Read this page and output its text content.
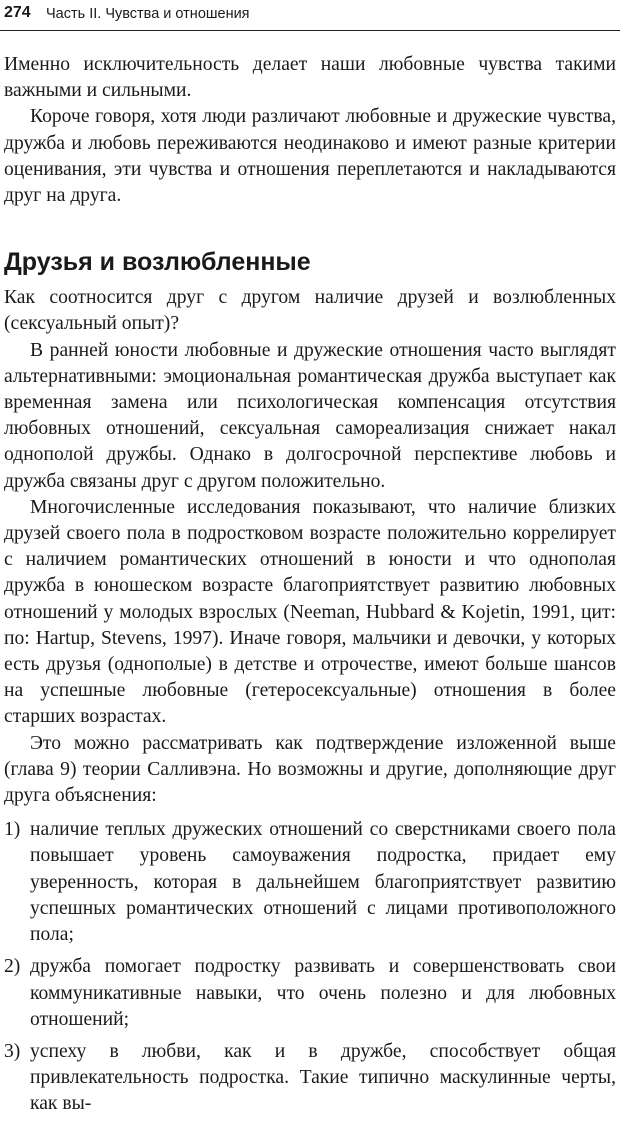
274 Часть II. Чувства и отношения

Именно исключительность делает наши любовные чувства такими важными и сильными.

Короче говоря, хотя люди различают любовные и дружеские чувства, дружба и любовь переживаются неодинаково и имеют разные критерии оценивания, эти чувства и отношения переплетаются и накладываются друг на друга.

Друзья и возлюбленные

Как соотносится друг с другом наличие друзей и возлюбленных (сексуальный опыт)?

В ранней юности любовные и дружеские отношения часто выглядят альтернативными: эмоциональная романтическая дружба выступает как временная замена или психологическая компенсация отсутствия любовных отношений, сексуальная самореализация снижает накал однополой дружбы. Однако в долгосрочной перспективе любовь и дружба связаны друг с другом положительно.

Многочисленные исследования показывают, что наличие близких друзей своего пола в подростковом возрасте положительно коррелирует с наличием романтических отношений в юности и что однополая дружба в юношеском возрасте благоприятствует развитию любовных отношений у молодых взрослых (Neeman, Hubbard & Kojetin, 1991, цит: по: Hartup, Stevens, 1997). Иначе говоря, мальчики и девочки, у которых есть друзья (однополые) в детстве и отрочестве, имеют больше шансов на успешные любовные (гетеросексуальные) отношения в более старших возрастах.

Это можно рассматривать как подтверждение изложенной выше (глава 9) теории Салливэна. Но возможны и другие, дополняющие друг друга объяснения:

1) наличие теплых дружеских отношений со сверстниками своего пола повышает уровень самоуважения подростка, придает ему уверенность, которая в дальнейшем благоприятствует развитию успешных романтических отношений с лицами противоположного пола;
2) дружба помогает подростку развивать и совершенствовать свои коммуникативные навыки, что очень полезно и для любовных отношений;
3) успеху в любви, как и в дружбе, способствует общая привлекательность подростка. Такие типично маскулинные черты, как вы-
